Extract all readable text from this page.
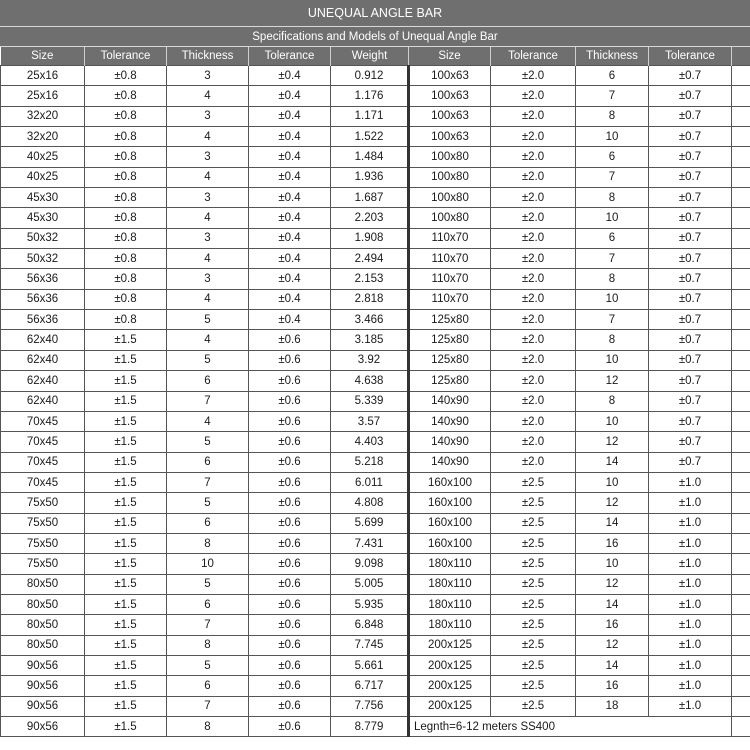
UNEQUAL ANGLE BAR
Specifications and Models of Unequal Angle Bar
Size	Tolerance	Thickness	Tolerance	Weight	Size	Tolerance	Thickness	Tolerance	
25x16	±0.8	3	±0.4	0.912	100x63	±2.0	6	±0.7	
25x16	±0.8	4	±0.4	1.176	100x63	±2.0	7	±0.7	
32x20	±0.8	3	±0.4	1.171	100x63	±2.0	8	±0.7	
32x20	±0.8	4	±0.4	1.522	100x63	±2.0	10	±0.7	
40x25	±0.8	3	±0.4	1.484	100x80	±2.0	6	±0.7	
40x25	±0.8	4	±0.4	1.936	100x80	±2.0	7	±0.7	
45x30	±0.8	3	±0.4	1.687	100x80	±2.0	8	±0.7	
45x30	±0.8	4	±0.4	2.203	100x80	±2.0	10	±0.7	
50x32	±0.8	3	±0.4	1.908	110x70	±2.0	6	±0.7	
50x32	±0.8	4	±0.4	2.494	110x70	±2.0	7	±0.7	
56x36	±0.8	3	±0.4	2.153	110x70	±2.0	8	±0.7	
56x36	±0.8	4	±0.4	2.818	110x70	±2.0	10	±0.7	
56x36	±0.8	5	±0.4	3.466	125x80	±2.0	7	±0.7	
62x40	±1.5	4	±0.6	3.185	125x80	±2.0	8	±0.7	
62x40	±1.5	5	±0.6	3.92	125x80	±2.0	10	±0.7	
62x40	±1.5	6	±0.6	4.638	125x80	±2.0	12	±0.7	
62x40	±1.5	7	±0.6	5.339	140x90	±2.0	8	±0.7	
70x45	±1.5	4	±0.6	3.57	140x90	±2.0	10	±0.7	
70x45	±1.5	5	±0.6	4.403	140x90	±2.0	12	±0.7	
70x45	±1.5	6	±0.6	5.218	140x90	±2.0	14	±0.7	
70x45	±1.5	7	±0.6	6.011	160x100	±2.5	10	±1.0	
75x50	±1.5	5	±0.6	4.808	160x100	±2.5	12	±1.0	
75x50	±1.5	6	±0.6	5.699	160x100	±2.5	14	±1.0	
75x50	±1.5	8	±0.6	7.431	160x100	±2.5	16	±1.0	
75x50	±1.5	10	±0.6	9.098	180x110	±2.5	10	±1.0	
80x50	±1.5	5	±0.6	5.005	180x110	±2.5	12	±1.0	
80x50	±1.5	6	±0.6	5.935	180x110	±2.5	14	±1.0	
80x50	±1.5	7	±0.6	6.848	180x110	±2.5	16	±1.0	
80x50	±1.5	8	±0.6	7.745	200x125	±2.5	12	±1.0	
90x56	±1.5	5	±0.6	5.661	200x125	±2.5	14	±1.0	
90x56	±1.5	6	±0.6	6.717	200x125	±2.5	16	±1.0	
90x56	±1.5	7	±0.6	7.756	200x125	±2.5	18	±1.0	
90x56	±1.5	8	±0.6	8.779	Legnth=6-12 meters SS400				
